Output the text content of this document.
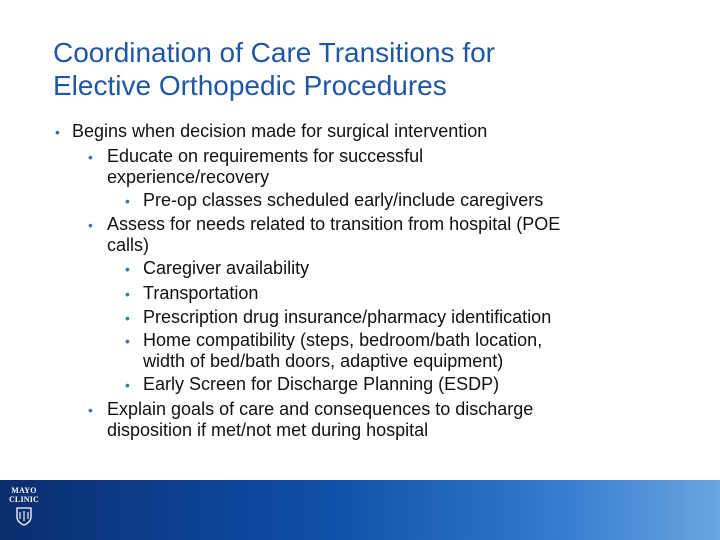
Coordination of Care Transitions for
Elective Orthopedic Procedures
• Begins when decision made for surgical intervention
• Educate on requirements for successful
experience/recovery
• Pre-op classes scheduled early/include caregivers
• Assess for needs related to transition from hospital (POE
calls)
• Caregiver availability
• Transportation
• Prescription drug insurance/pharmacy identification
• Home compatibility (steps, bedroom/bath location,
width of bed/bath doors, adaptive equipment)
• Early Screen for Discharge Planning (ESDP)
• Explain goals of care and consequences to discharge
disposition if met/not met during hospital
MAYO
CLINIC
